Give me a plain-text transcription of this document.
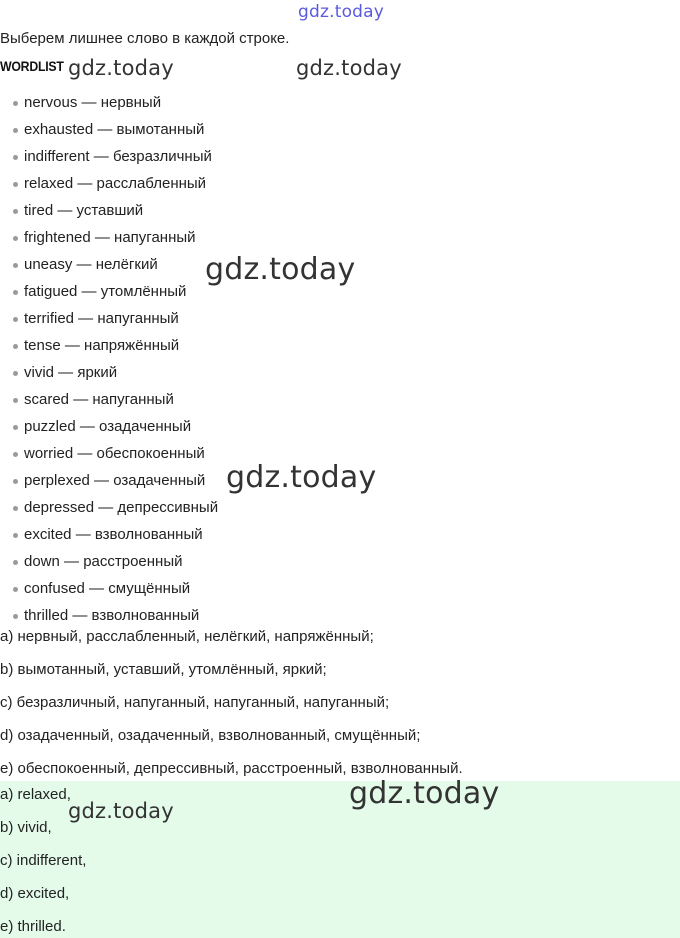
gdz.today
Выберем лишнее слово в каждой строке.
WORDLIST
nervous — нервный
exhausted — вымотанный
indifferent — безразличный
relaxed — расслабленный
tired — уставший
frightened — напуганный
uneasy — нелёгкий
fatigued — утомлённый
terrified — напуганный
tense — напряжённый
vivid — яркий
scared — напуганный
puzzled — озадаченный
worried — обеспокоенный
perplexed — озадаченный
depressed — депрессивный
excited — взволнованный
down — расстроенный
confused — смущённый
thrilled — взволнованный
a) нервный, расслабленный, нелёгкий, напряжённый;
b) вымотанный, уставший, утомлённый, яркий;
c) безразличный, напуганный, напуганный, напуганный;
d) озадаченный, озадаченный, взволнованный, смущённый;
e) обеспокоенный, депрессивный, расстроенный, взволнованный.
a) relaxed,
b) vivid,
c) indifferent,
d) excited,
e) thrilled.
gdz.today	gdz.today
gdz.today
gdz.today
gdz.today
gdz.today
